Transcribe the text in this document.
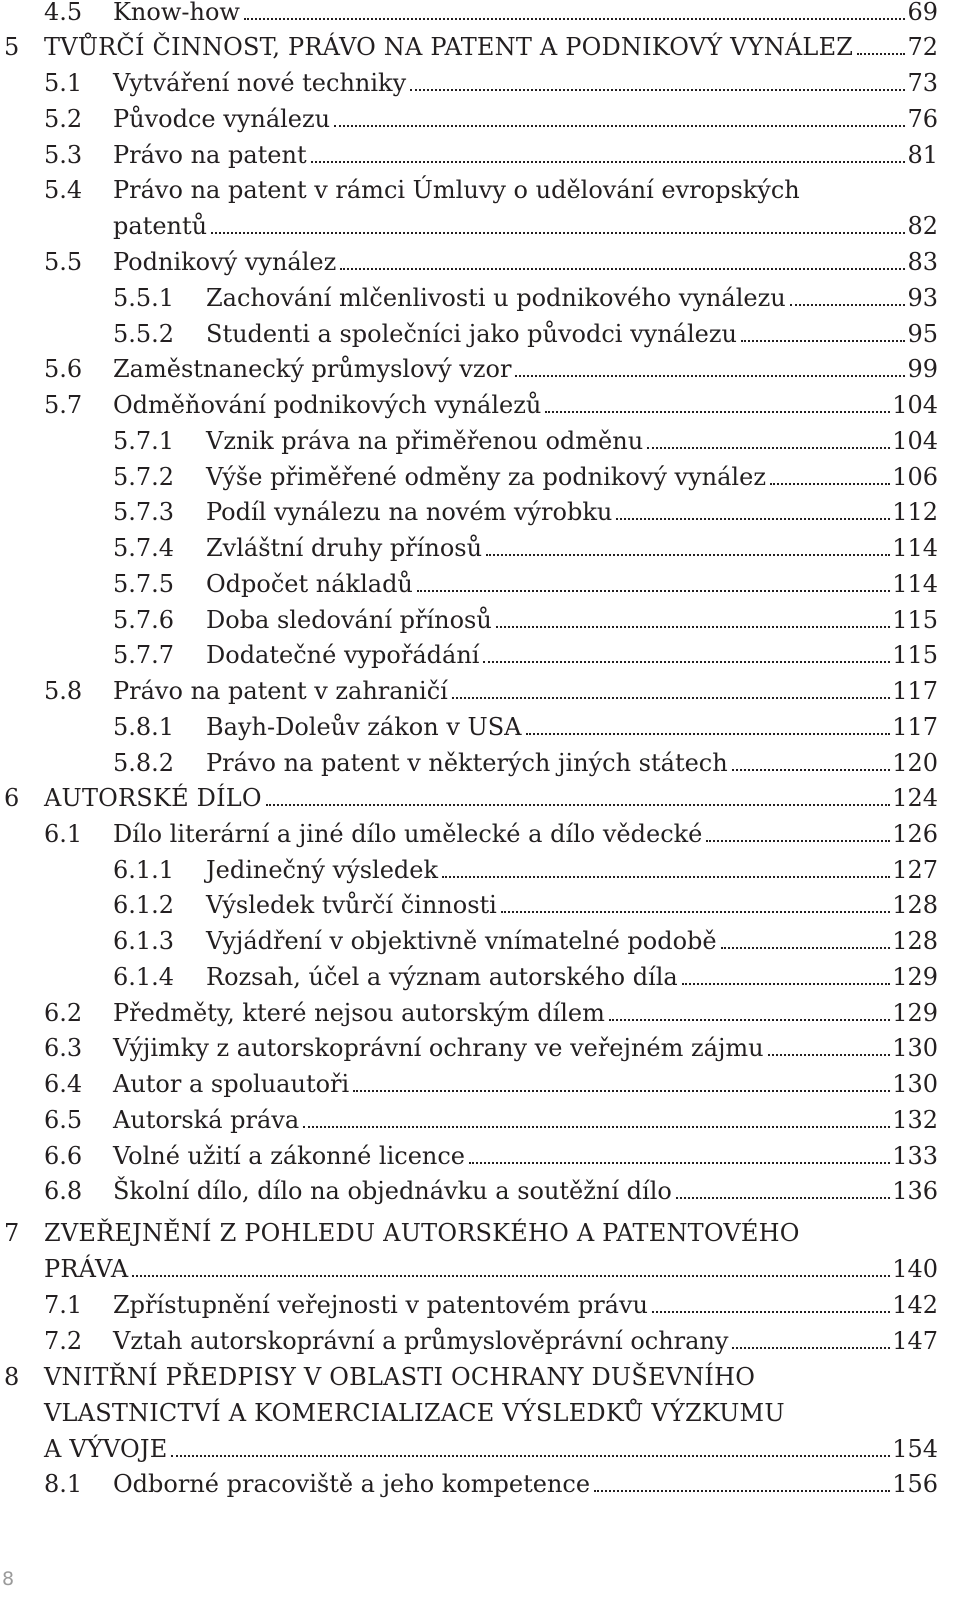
4.5 Know-how	69
5 TVŮRČÍ ČINNOST, PRÁVO NA PATENT A PODNIKOVÝ VYNÁLEZ 72
5.1 Vytváření nové techniky	73
5.2 Původce vynálezu	76
5.3 Právo na patent	81
5.4 Právo na patent v rámci Úmluvy o udělování evropských
patentů	82
5.5 Podnikový vynález	83
5.5.1 Zachování mlčenlivosti u podnikového vynálezu	93
5.5.2 Studenti a společníci jako původci vynálezu	95
5.6 Zaměstnanecký průmyslový vzor	99
5.7 Odměňování podnikových vynálezů	104
5.7.1 Vznik práva na přiměřenou odměnu	104
5.7.2 Výše přiměřené odměny za podnikový vynález	106
5.7.3 Podíl vynálezu na novém výrobku	112
5.7.4 Zvláštní druhy přínosů	114
5.7.5 Odpočet nákladů	114
5.7.6 Doba sledování přínosů	115
5.7.7 Dodatečné vypořádání	115
5.8 Právo na patent v zahraničí	117
5.8.1 Bayh-Doleův zákon v USA	117
5.8.2 Právo na patent v některých jiných státech	120
6 AUTORSKÉ DÍLO	124
6.1 Dílo literární a jiné dílo umělecké a dílo vědecké	126
6.1.1 Jedinečný výsledek	127
6.1.2 Výsledek tvůrčí činnosti	128
6.1.3 Vyjádření v objektivně vnímatelné podobě	128
6.1.4 Rozsah, účel a význam autorského díla	129
6.2 Předměty, které nejsou autorským dílem	129
6.3 Výjimky z autorskoprávní ochrany ve veřejném zájmu	130
6.4 Autor a spoluautoři	130
6.5 Autorská práva	132
6.6 Volné užití a zákonné licence	133
6.8 Školní dílo, dílo na objednávku a soutěžní dílo	136
7 ZVEŘEJNĚNÍ Z POHLEDU AUTORSKÉHO A PATENTOVÉHO
PRÁVA	140
7.1 Zpřístupnění veřejnosti v patentovém právu	142
7.2 Vztah autorskoprávní a průmyslověprávní ochrany	147
8 VNITŘNÍ PŘEDPISY V OBLASTI OCHRANY DUŠEVNÍHO
VLASTNICTVÍ A KOMERCIALIZACE VÝSLEDKŮ VÝZKUMU
A VÝVOJE	154
8.1 Odborné pracoviště a jeho kompetence	156
8
